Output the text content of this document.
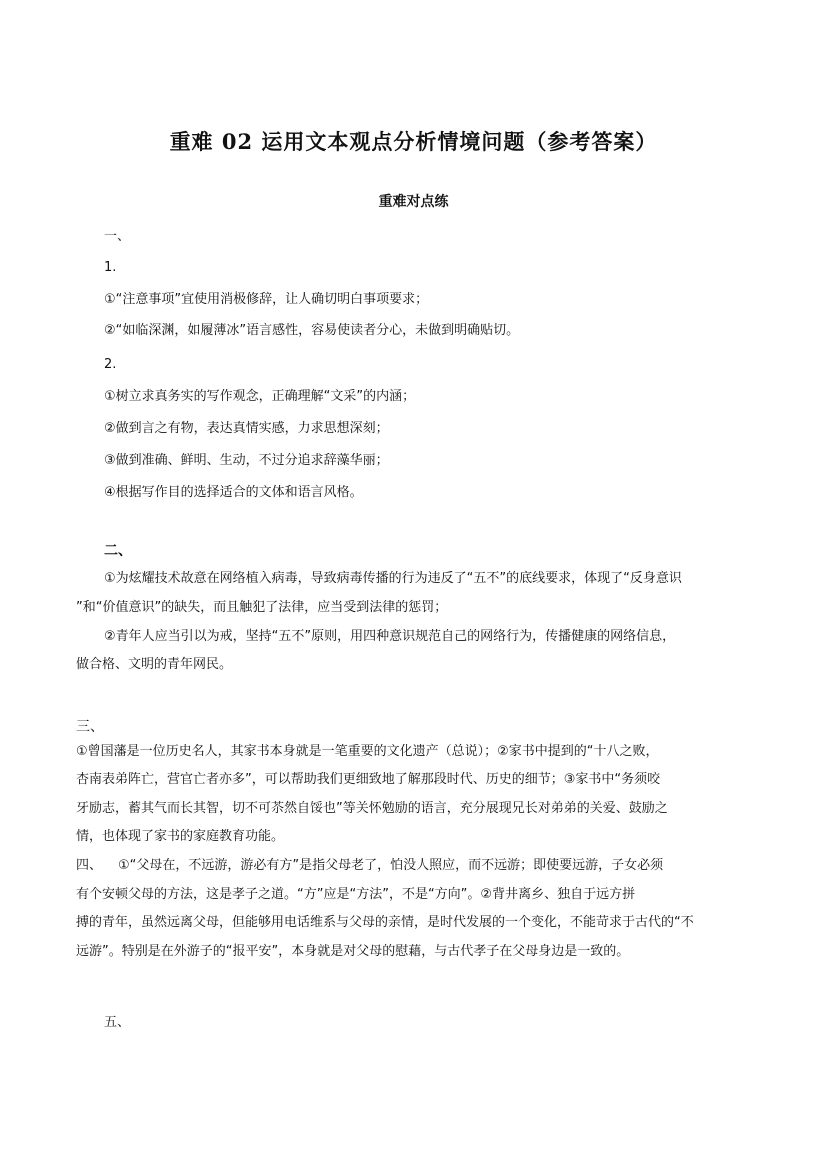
重难 02 运用文本观点分析情境问题（参考答案）
重难对点练
一、
1.
①“注意事项”宜使用消极修辞，让人确切明白事项要求；
②“如临深渊，如履薄冰”语言感性，容易使读者分心，未做到明确贴切。
2.
①树立求真务实的写作观念，正确理解“文采”的内涵；
②做到言之有物，表达真情实感，力求思想深刻；
③做到准确、鲜明、生动，不过分追求辞藻华丽；
④根据写作目的选择适合的文体和语言风格。
二、
①为炫耀技术故意在网络植入病毒，导致病毒传播的行为违反了“五不”的底线要求，体现了“反身意识
”和“价值意识”的缺失，而且触犯了法律，应当受到法律的惩罚；
②青年人应当引以为戒，坚持“五不”原则，用四种意识规范自己的网络行为，传播健康的网络信息，
做合格、文明的青年网民。
三、
①曾国藩是一位历史名人，其家书本身就是一笔重要的文化遗产（总说）；②家书中提到的“十八之败，
杏南表弟阵亡，营官亡者亦多”，可以帮助我们更细致地了解那段时代、历史的细节；③家书中“务须咬
牙励志，蓄其气而长其智，切不可苶然自馁也”等关怀勉励的语言，充分展现兄长对弟弟的关爱、鼓励之
情，也体现了家书的家庭教育功能。
四、 ①“父母在，不远游，游必有方”是指父母老了，怕没人照应，而不远游；即使要远游，子女必须
有个安顿父母的方法，这是孝子之道。“方”应是“方法”，不是“方向”。②背井离乡、独自于远方拼
搏的青年，虽然远离父母，但能够用电话维系与父母的亲情，是时代发展的一个变化，不能苛求于古代的“不
远游”。特别是在外游子的“报平安”，本身就是对父母的慰藉，与古代孝子在父母身边是一致的。
五、
